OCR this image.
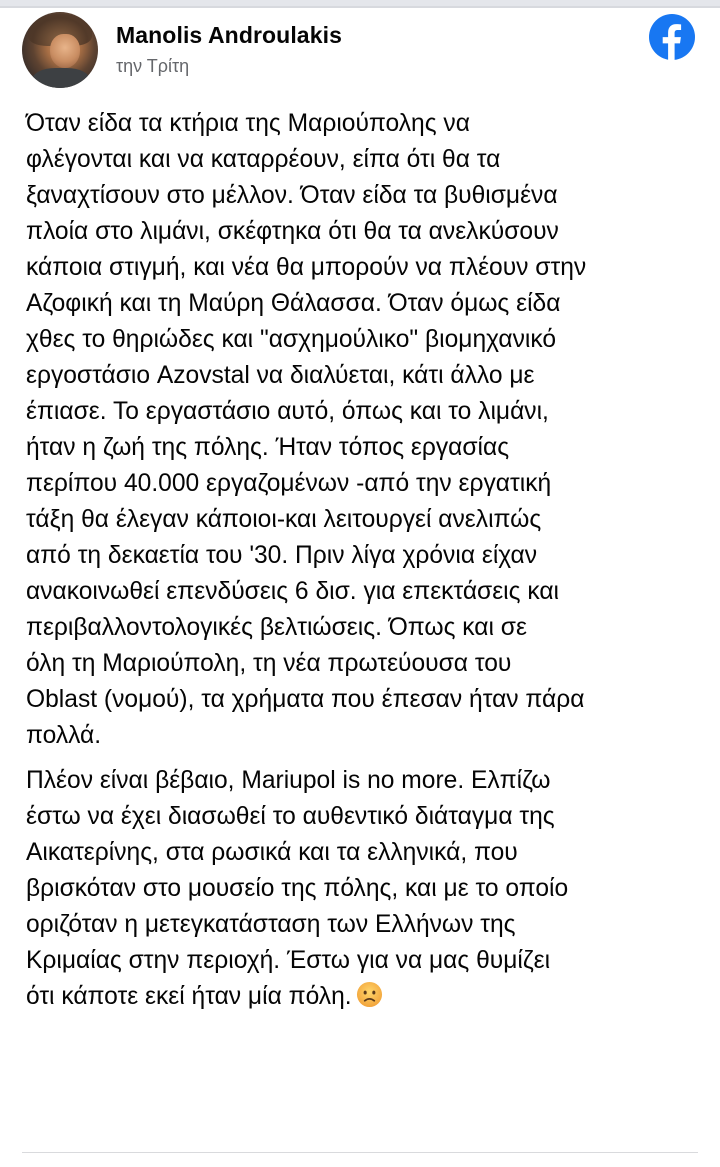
Manolis Androulakis
την Τρίτη

Όταν είδα τα κτήρια της Μαριούπολης να
φλέγονται και να καταρρέουν, είπα ότι θα τα
ξαναχτίσουν στο μέλλον. Όταν είδα τα βυθισμένα
πλοία στο λιμάνι, σκέφτηκα ότι θα τα ανελκύσουν
κάποια στιγμή, και νέα θα μπορούν να πλέουν στην
Αζοφική και τη Μαύρη Θάλασσα. Όταν όμως είδα
χθες το θηριώδες και "ασχημούλικο" βιομηχανικό
εργοστάσιο Azovstal να διαλύεται, κάτι άλλο με
έπιασε. Το εργαστάσιο αυτό, όπως και το λιμάνι,
ήταν η ζωή της πόλης. Ήταν τόπος εργασίας
περίπου 40.000 εργαζομένων -από την εργατική
τάξη θα έλεγαν κάποιοι-και λειτουργεί ανελιπώς
από τη δεκαετία του '30. Πριν λίγα χρόνια είχαν
ανακοινωθεί επενδύσεις 6 δισ. για επεκτάσεις και
περιβαλλοντολογικές βελτιώσεις. Όπως και σε
όλη τη Μαριούπολη, τη νέα πρωτεύουσα του
Oblast (νομού), τα χρήματα που έπεσαν ήταν πάρα
πολλά.

Πλέον είναι βέβαιο, Mariupol is no more. Ελπίζω
έστω να έχει διασωθεί το αυθεντικό διάταγμα της
Αικατερίνης, στα ρωσικά και τα ελληνικά, που
βρισκόταν στο μουσείο της πόλης, και με το οποίο
οριζόταν η μετεγκατάσταση των Ελλήνων της
Κριμαίας στην περιοχή. Έστω για να μας θυμίζει
ότι κάποτε εκεί ήταν μία πόλη.
